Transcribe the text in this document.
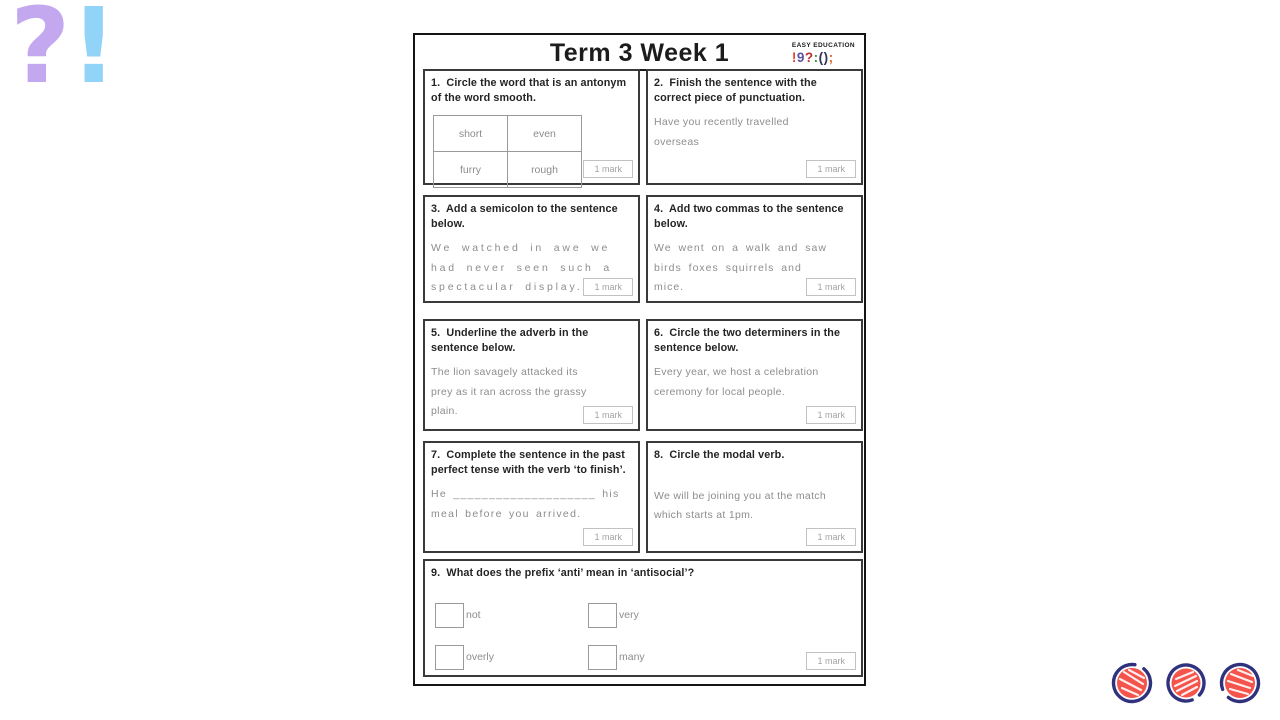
? !	Term 3 Week 1	EASY EDUCATION
!9?:();
1. Circle the word that is an antonym of the word smooth.
short	even
furry	rough	1 mark
2. Finish the sentence with the correct piece of punctuation.
Have you recently travelled
overseas
1 mark
3. Add a semicolon to the sentence below.
We watched in awe we
had never seen such a
spectacular display.	1 mark
4. Add two commas to the sentence below.
We went on a walk and saw
birds foxes squirrels and
mice.	1 mark
5. Underline the adverb in the sentence below.
The lion savagely attacked its
prey as it ran across the grassy
plain.	1 mark
6. Circle the two determiners in the sentence below.
Every year, we host a celebration
ceremony for local people.
1 mark
7. Complete the sentence in the past perfect tense with the verb ‘to finish’.
He ____________________ his
meal before you arrived.
1 mark
8. Circle the modal verb.
We will be joining you at the match
which starts at 1pm.
1 mark
9. What does the prefix ‘anti’ mean in ‘antisocial’?
not	very
overly	many	1 mark
